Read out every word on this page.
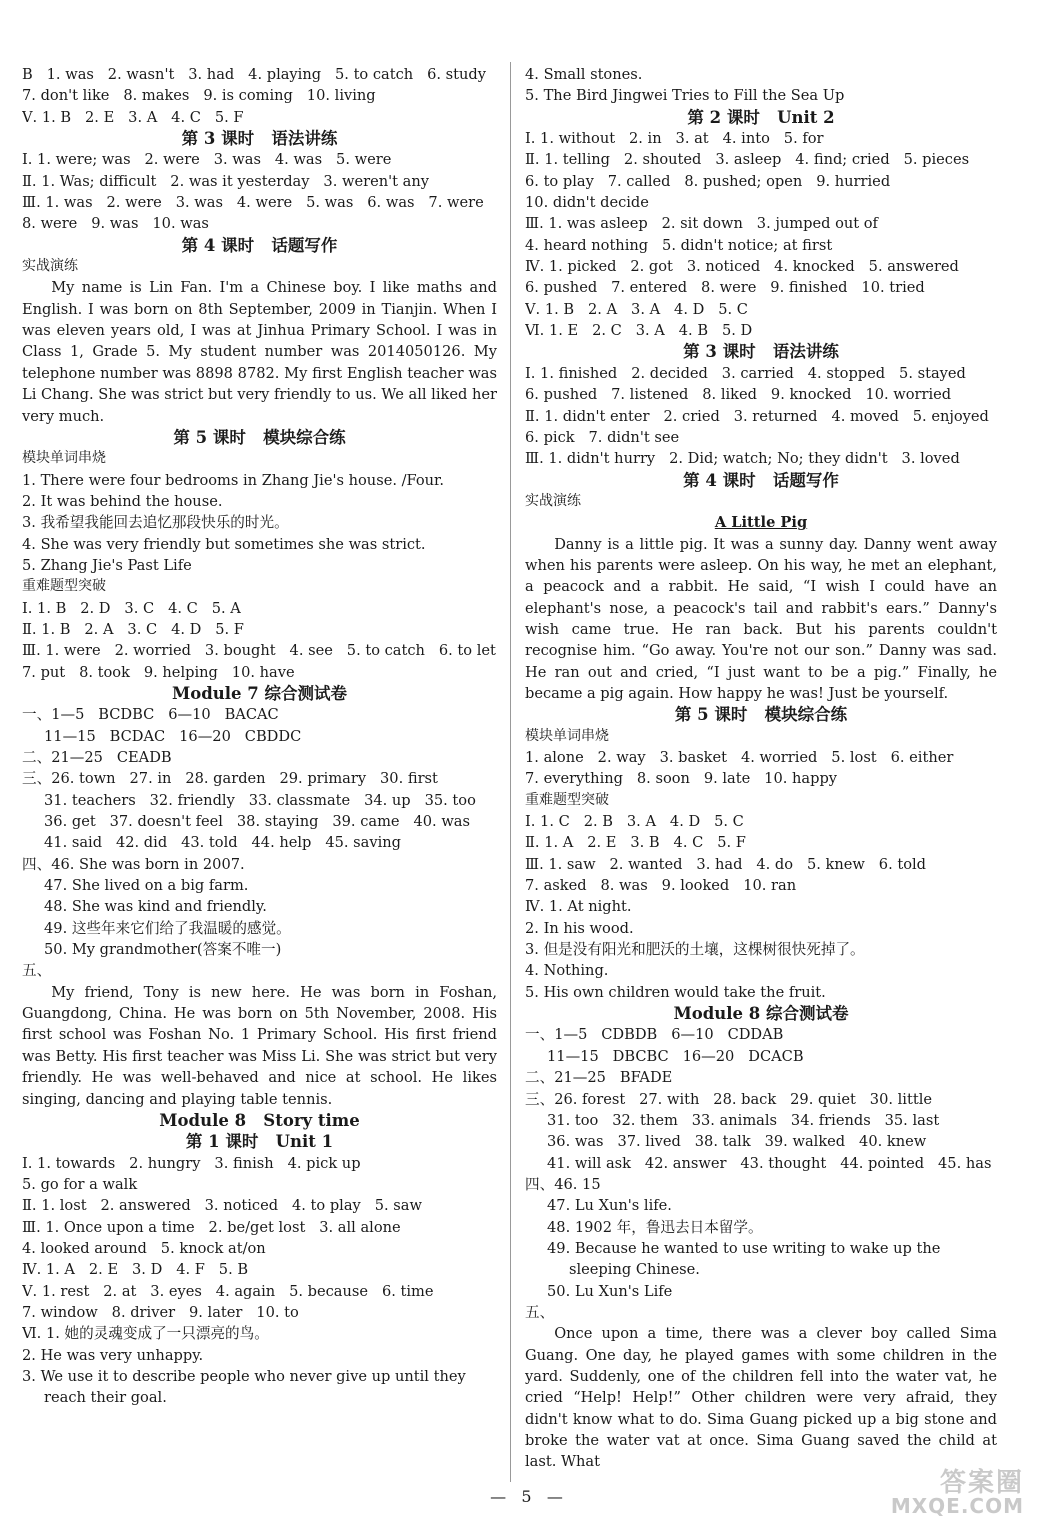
B   1. was   2. wasn't   3. had   4. playing   5. to catch   6. study
7. don't like   8. makes   9. is coming   10. living
Ⅴ. 1. B   2. E   3. A   4. C   5. F
第 3 课时   语法讲练
Ⅰ. 1. were; was   2. were   3. was   4. was   5. were
Ⅱ. 1. Was; difficult   2. was it yesterday   3. weren't any
Ⅲ. 1. was   2. were   3. was   4. were   5. was   6. was   7. were
8. were   9. was   10. was
第 4 课时   话题写作
实战演练
My name is Lin Fan. I'm a Chinese boy. I like maths and English. I was born on 8th September, 2009 in Tianjin. When I was eleven years old, I was at Jinhua Primary School. I was in Class 1, Grade 5. My student number was 2014050126. My telephone number was 8898 8782. My first English teacher was Li Chang. She was strict but very friendly to us. We all liked her very much.
第 5 课时   模块综合练
模块单词串烧
1. There were four bedrooms in Zhang Jie's house. /Four.
2. It was behind the house.
3. 我希望我能回去追忆那段快乐的时光。
4. She was very friendly but sometimes she was strict.
5. Zhang Jie's Past Life
重难题型突破
Ⅰ. 1. B   2. D   3. C   4. C   5. A
Ⅱ. 1. B   2. A   3. C   4. D   5. F
Ⅲ. 1. were   2. worried   3. bought   4. see   5. to catch   6. to let
7. put   8. took   9. helping   10. have
Module 7 综合测试卷
一、1—5   BCDBC   6—10   BACAC
11—15   BCDAC   16—20   CBDDC
二、21—25   CEADB
三、26. town   27. in   28. garden   29. primary   30. first
31. teachers   32. friendly   33. classmate   34. up   35. too
36. get   37. doesn't feel   38. staying   39. came   40. was
41. said   42. did   43. told   44. help   45. saving
四、46. She was born in 2007.
47. She lived on a big farm.
48. She was kind and friendly.
49. 这些年来它们给了我温暖的感觉。
50. My grandmother(答案不唯一)
五、
My friend, Tony is new here. He was born in Foshan, Guangdong, China. He was born on 5th November, 2008. His first school was Foshan No. 1 Primary School. His first friend was Betty. His first teacher was Miss Li. She was strict but very friendly. He was well-behaved and nice at school. He likes singing, dancing and playing table tennis.
Module 8   Story time
第 1 课时   Unit 1
Ⅰ. 1. towards   2. hungry   3. finish   4. pick up
5. go for a walk
Ⅱ. 1. lost   2. answered   3. noticed   4. to play   5. saw
Ⅲ. 1. Once upon a time   2. be/get lost   3. all alone
4. looked around   5. knock at/on
Ⅳ. 1. A   2. E   3. D   4. F   5. B
Ⅴ. 1. rest   2. at   3. eyes   4. again   5. because   6. time
7. window   8. driver   9. later   10. to
Ⅵ. 1. 她的灵魂变成了一只漂亮的鸟。
2. He was very unhappy.
3. We use it to describe people who never give up until they reach their goal.
4. Small stones.
5. The Bird Jingwei Tries to Fill the Sea Up
第 2 课时   Unit 2
Ⅰ. 1. without   2. in   3. at   4. into   5. for
Ⅱ. 1. telling   2. shouted   3. asleep   4. find; cried   5. pieces
6. to play   7. called   8. pushed; open   9. hurried
10. didn't decide
Ⅲ. 1. was asleep   2. sit down   3. jumped out of
4. heard nothing   5. didn't notice; at first
Ⅳ. 1. picked   2. got   3. noticed   4. knocked   5. answered
6. pushed   7. entered   8. were   9. finished   10. tried
Ⅴ. 1. B   2. A   3. A   4. D   5. C
Ⅵ. 1. E   2. C   3. A   4. B   5. D
第 3 课时   语法讲练
Ⅰ. 1. finished   2. decided   3. carried   4. stopped   5. stayed
6. pushed   7. listened   8. liked   9. knocked   10. worried
Ⅱ. 1. didn't enter   2. cried   3. returned   4. moved   5. enjoyed
6. pick   7. didn't see
Ⅲ. 1. didn't hurry   2. Did; watch; No; they didn't   3. loved
第 4 课时   话题写作
实战演练
A Little Pig
Danny is a little pig. It was a sunny day. Danny went away when his parents were asleep. On his way, he met an elephant, a peacock and a rabbit. He said, “I wish I could have an elephant's nose, a peacock's tail and rabbit's ears.” Danny's wish came true. He ran back. But his parents couldn't recognise him. “Go away. You're not our son.” Danny was sad. He ran out and cried, “I just want to be a pig.” Finally, he became a pig again. How happy he was! Just be yourself.
第 5 课时   模块综合练
模块单词串烧
1. alone   2. way   3. basket   4. worried   5. lost   6. either
7. everything   8. soon   9. late   10. happy
重难题型突破
Ⅰ. 1. C   2. B   3. A   4. D   5. C
Ⅱ. 1. A   2. E   3. B   4. C   5. F
Ⅲ. 1. saw   2. wanted   3. had   4. do   5. knew   6. told
7. asked   8. was   9. looked   10. ran
Ⅳ. 1. At night.
2. In his wood.
3. 但是没有阳光和肥沃的土壤，这棵树很快死掉了。
4. Nothing.
5. His own children would take the fruit.
Module 8 综合测试卷
一、1—5   CDBDB   6—10   CDDAB
11—15   DBCBC   16—20   DCACB
二、21—25   BFADE
三、26. forest   27. with   28. back   29. quiet   30. little
31. too   32. them   33. animals   34. friends   35. last
36. was   37. lived   38. talk   39. walked   40. knew
41. will ask   42. answer   43. thought   44. pointed   45. has
四、46. 15
47. Lu Xun's life.
48. 1902 年，鲁迅去日本留学。
49. Because he wanted to use writing to wake up the sleeping Chinese.
50. Lu Xun's Life
五、
Once upon a time, there was a clever boy called Sima Guang. One day, he played games with some children in the yard. Suddenly, one of the children fell into the water vat, he cried “Help! Help!” Other children were very afraid, they didn't know what to do. Sima Guang picked up a big stone and broke the water vat at once. Sima Guang saved the child at last. What
—   5   —	答案圈
MXQE.COM
